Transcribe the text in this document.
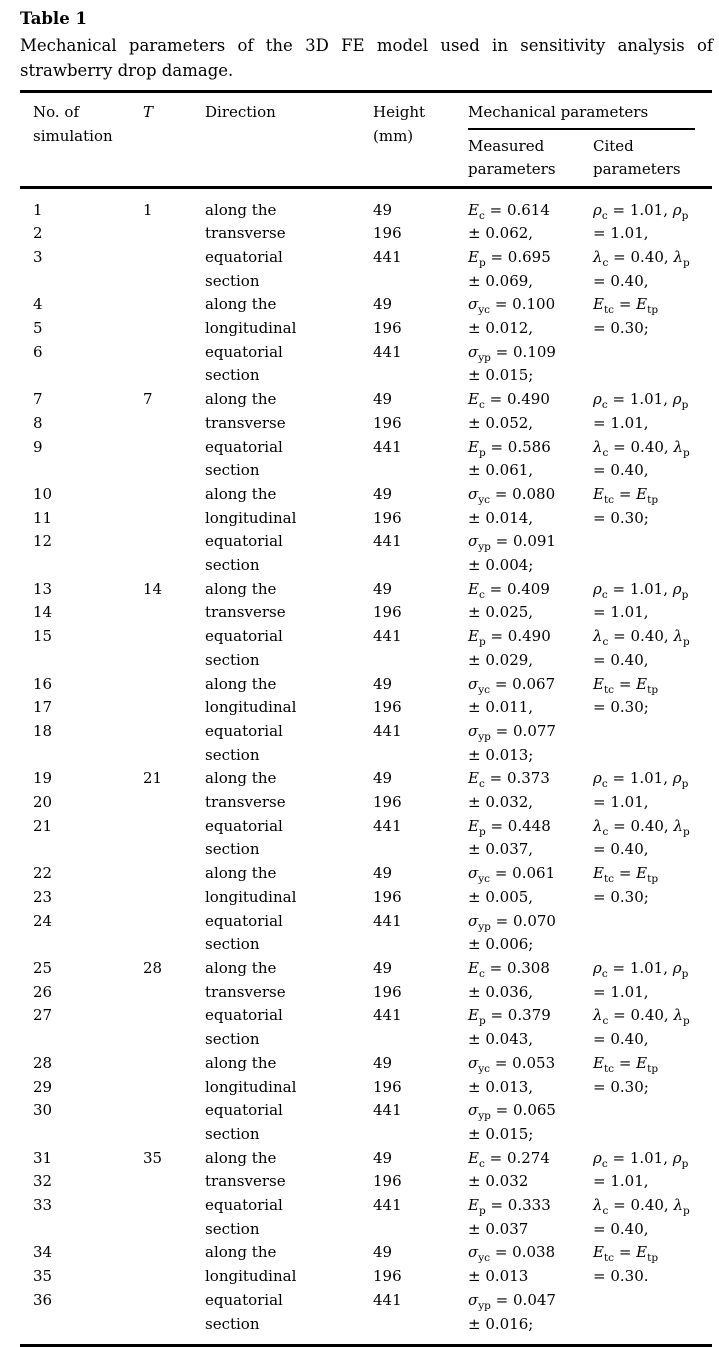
Table 1
Mechanical parameters of the 3D FE model used in sensitivity analysis of
strawberry drop damage.
No. of
simulation
	T	Direction	Height
(mm)

Mechanical parameters

Measured
parameters

Cited
parameters

1	1	along the	49	$E_c = 0.614$	$\rho_c = 1.01$, $\rho_p$
2		transverse	196	± 0.062,	= 1.01,
3		equatorial	441	$E_p = 0.695$	$\lambda_c = 0.40$, $\lambda_p$
		section		± 0.069,	= 0.40,
4		along the	49	$\sigma_{yc} = 0.100$	$E_{tc} = E_{tp}$
5		longitudinal	196	± 0.012,	= 0.30;
6		equatorial	441	$\sigma_{yp} = 0.109$	
		section		± 0.015;	
7	7	along the	49	$E_c = 0.490$	$\rho_c = 1.01$, $\rho_p$
8		transverse	196	± 0.052,	= 1.01,
9		equatorial	441	$E_p = 0.586$	$\lambda_c = 0.40$, $\lambda_p$
		section		± 0.061,	= 0.40,
10		along the	49	$\sigma_{yc} = 0.080$	$E_{tc} = E_{tp}$
11		longitudinal	196	± 0.014,	= 0.30;
12		equatorial	441	$\sigma_{yp} = 0.091$	
		section		± 0.004;	
13	14	along the	49	$E_c = 0.409$	$\rho_c = 1.01$, $\rho_p$
14		transverse	196	± 0.025,	= 1.01,
15		equatorial	441	$E_p = 0.490$	$\lambda_c = 0.40$, $\lambda_p$
		section		± 0.029,	= 0.40,
16		along the	49	$\sigma_{yc} = 0.067$	$E_{tc} = E_{tp}$
17		longitudinal	196	± 0.011,	= 0.30;
18		equatorial	441	$\sigma_{yp} = 0.077$	
		section		± 0.013;	
19	21	along the	49	$E_c = 0.373$	$\rho_c = 1.01$, $\rho_p$
20		transverse	196	± 0.032,	= 1.01,
21		equatorial	441	$E_p = 0.448$	$\lambda_c = 0.40$, $\lambda_p$
		section		± 0.037,	= 0.40,
22		along the	49	$\sigma_{yc} = 0.061$	$E_{tc} = E_{tp}$
23		longitudinal	196	± 0.005,	= 0.30;
24		equatorial	441	$\sigma_{yp} = 0.070$	
		section		± 0.006;	
25	28	along the	49	$E_c = 0.308$	$\rho_c = 1.01$, $\rho_p$
26		transverse	196	± 0.036,	= 1.01,
27		equatorial	441	$E_p = 0.379$	$\lambda_c = 0.40$, $\lambda_p$
		section		± 0.043,	= 0.40,
28		along the	49	$\sigma_{yc} = 0.053$	$E_{tc} = E_{tp}$
29		longitudinal	196	± 0.013,	= 0.30;
30		equatorial	441	$\sigma_{yp} = 0.065$	
		section		± 0.015;	
31	35	along the	49	$E_c = 0.274$	$\rho_c = 1.01$, $\rho_p$
32		transverse	196	± 0.032	= 1.01,
33		equatorial	441	$E_p = 0.333$	$\lambda_c = 0.40$, $\lambda_p$
		section		± 0.037	= 0.40,
34		along the	49	$\sigma_{yc} = 0.038$	$E_{tc} = E_{tp}$
35		longitudinal	196	± 0.013	= 0.30.
36		equatorial	441	$\sigma_{yp} = 0.047$	
		section		± 0.016;	
